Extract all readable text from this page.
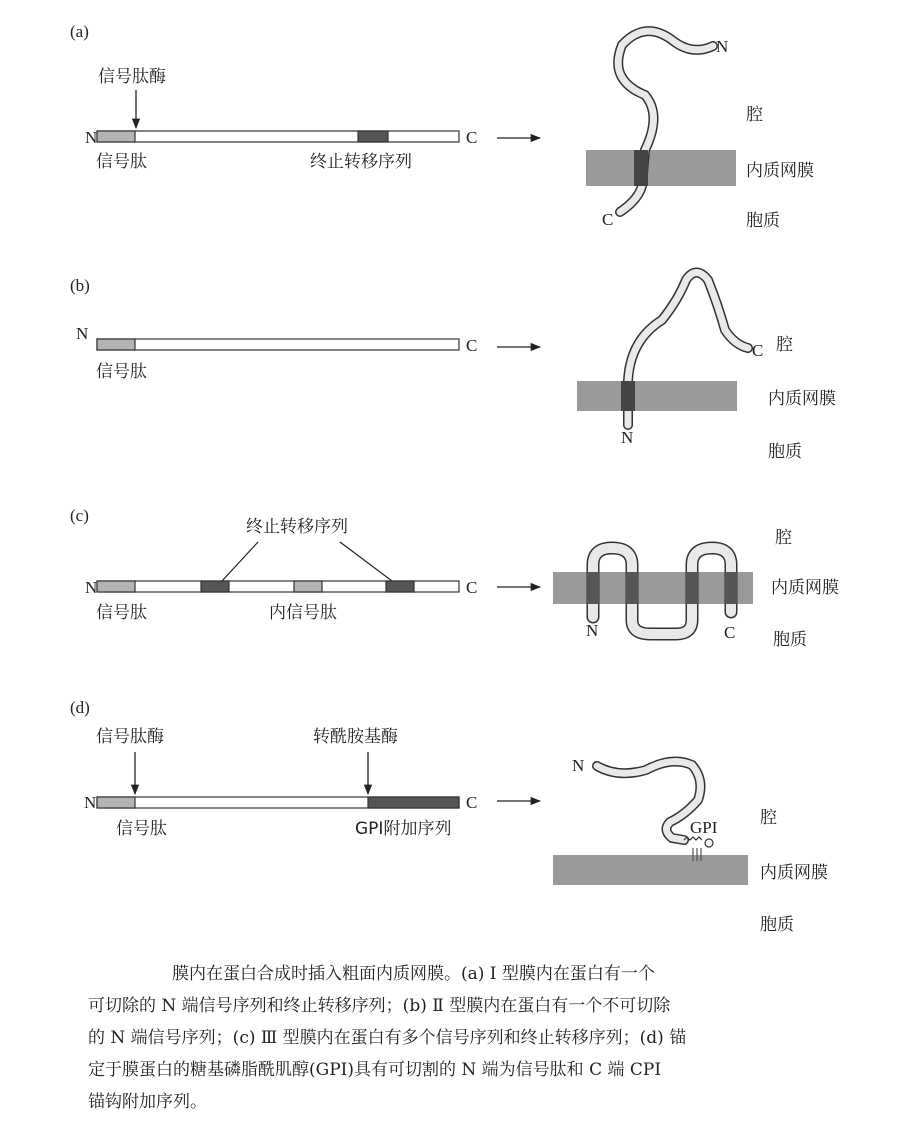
(a)
信号肽酶
N	C
信号肽	终止转移序列
N
C
腔
内质网膜
胞质
(b)
N
C
信号肽
N
C 腔
内质网膜
胞质
(c)
终止转移序列
N	C
信号肽	内信号肽
N	C
腔
内质网膜
胞质
(d)
信号肽酶	转酰胺基酶
N	C
信号肽	GPI附加序列
N
GPI	腔
内质网膜
胞质

膜内在蛋白合成时插入粗面内质网膜。(a) Ⅰ 型膜内在蛋白有一个

可切除的 N 端信号序列和终止转移序列；(b) Ⅱ 型膜内在蛋白有一个不可切除

的 N 端信号序列；(c) Ⅲ 型膜内在蛋白有多个信号序列和终止转移序列；(d) 锚

定于膜蛋白的糖基磷脂酰肌醇(GPI)具有可切割的 N 端为信号肽和 C 端 CPI

锚钩附加序列。
